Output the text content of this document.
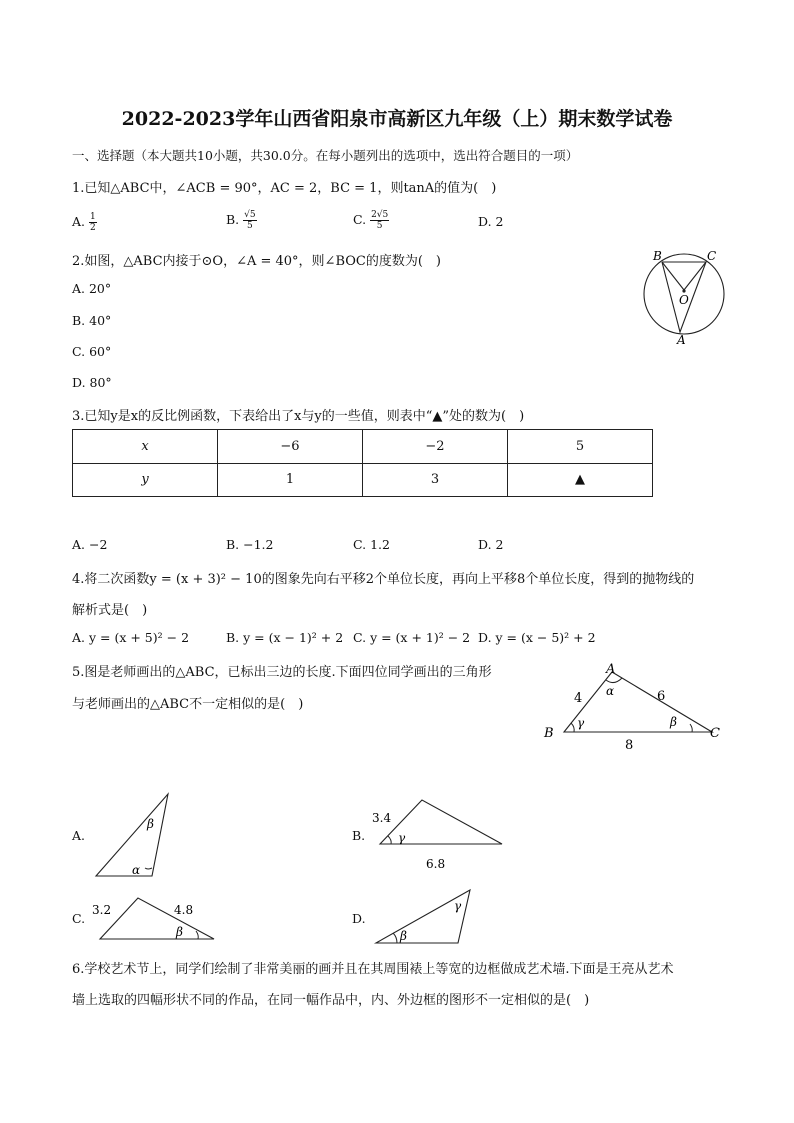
2022-2023学年山西省阳泉市高新区九年级（上）期末数学试卷
一、选择题（本大题共10小题，共30.0分。在每小题列出的选项中，选出符合题目的一项）
1.已知△ABC中，∠ACB = 90°，AC = 2，BC = 1，则tanA的值为(　)
A. $\frac{1}{2}$	B. $\frac{√5}{5}$	C. $\frac{2√5}{5}$	D. 2
2.如图，△ABC内接于⊙O，∠A = 40°，则∠BOC的度数为(　)
A. 20°
B. 40°
C. 60°
D. 80°
B	C
O
A
3.已知y是x的反比例函数，下表给出了x与y的一些值，则表中“▲”处的数为(　)
x	−6	−2	5
y	1	3	▲
A. −2	B. −1.2	C. 1.2	D. 2
4.将二次函数y = (x + 3)² − 10的图象先向右平移2个单位长度，再向上平移8个单位长度，得到的抛物线的
解析式是(　)
A. y = (x + 5)² − 2	B. y = (x − 1)² + 2 C. y = (x + 1)² − 2 D. y = (x − 5)² + 2
5.图是老师画出的△ABC，已标出三边的长度.下面四位同学画出的三角形
与老师画出的△ABC不一定相似的是(　)
A
B	C
4	6
8
α
γ	β
A.
β
α
B.
3.4
γ
6.8
C.
3.2	4.8
β
D.
γ
β
6.学校艺术节上，同学们绘制了非常美丽的画并且在其周围裱上等宽的边框做成艺术墙.下面是王亮从艺术
墙上选取的四幅形状不同的作品，在同一幅作品中，内、外边框的图形不一定相似的是(　)
